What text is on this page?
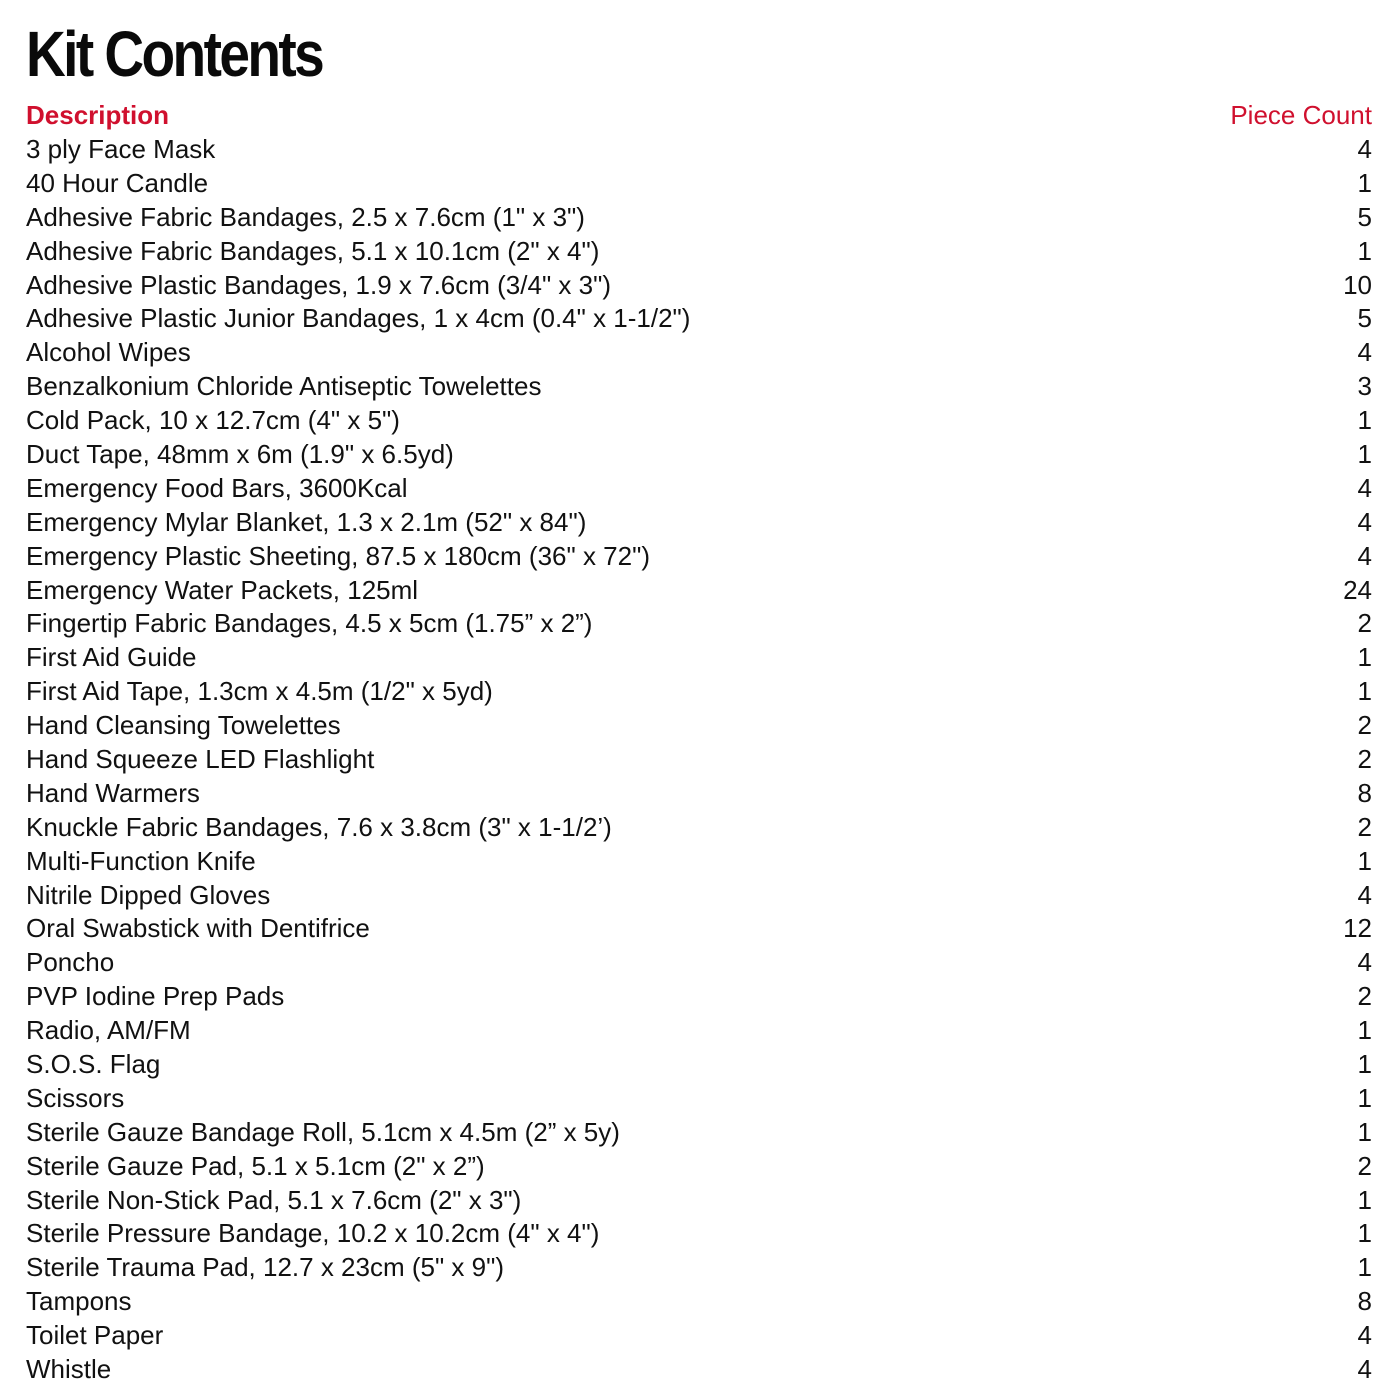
Kit Contents
Description	Piece Count
3 ply Face Mask	4
40 Hour Candle	1
Adhesive Fabric Bandages, 2.5 x 7.6cm (1" x 3")	5
Adhesive Fabric Bandages, 5.1 x 10.1cm (2" x 4")	1
Adhesive Plastic Bandages, 1.9 x 7.6cm (3/4" x 3")	10
Adhesive Plastic Junior Bandages, 1 x 4cm (0.4" x 1-1/2")	5
Alcohol Wipes	4
Benzalkonium Chloride Antiseptic Towelettes	3
Cold Pack, 10 x 12.7cm (4" x 5")	1
Duct Tape, 48mm x 6m (1.9" x 6.5yd)	1
Emergency Food Bars, 3600Kcal	4
Emergency Mylar Blanket, 1.3 x 2.1m (52" x 84")	4
Emergency Plastic Sheeting, 87.5 x 180cm (36" x 72")	4
Emergency Water Packets, 125ml	24
Fingertip Fabric Bandages, 4.5 x 5cm (1.75” x 2”)	2
First Aid Guide	1
First Aid Tape, 1.3cm x 4.5m (1/2" x 5yd)	1
Hand Cleansing Towelettes	2
Hand Squeeze LED Flashlight	2
Hand Warmers	8
Knuckle Fabric Bandages, 7.6 x 3.8cm (3" x 1-1/2’)	2
Multi-Function Knife	1
Nitrile Dipped Gloves	4
Oral Swabstick with Dentifrice	12
Poncho	4
PVP Iodine Prep Pads	2
Radio, AM/FM	1
S.O.S. Flag	1
Scissors	1
Sterile Gauze Bandage Roll, 5.1cm x 4.5m (2” x 5y)	1
Sterile Gauze Pad, 5.1 x 5.1cm (2" x 2”)	2
Sterile Non-Stick Pad, 5.1 x 7.6cm (2" x 3")	1
Sterile Pressure Bandage, 10.2 x 10.2cm (4" x 4")	1
Sterile Trauma Pad, 12.7 x 23cm (5" x 9")	1
Tampons	8
Toilet Paper	4
Whistle	4
